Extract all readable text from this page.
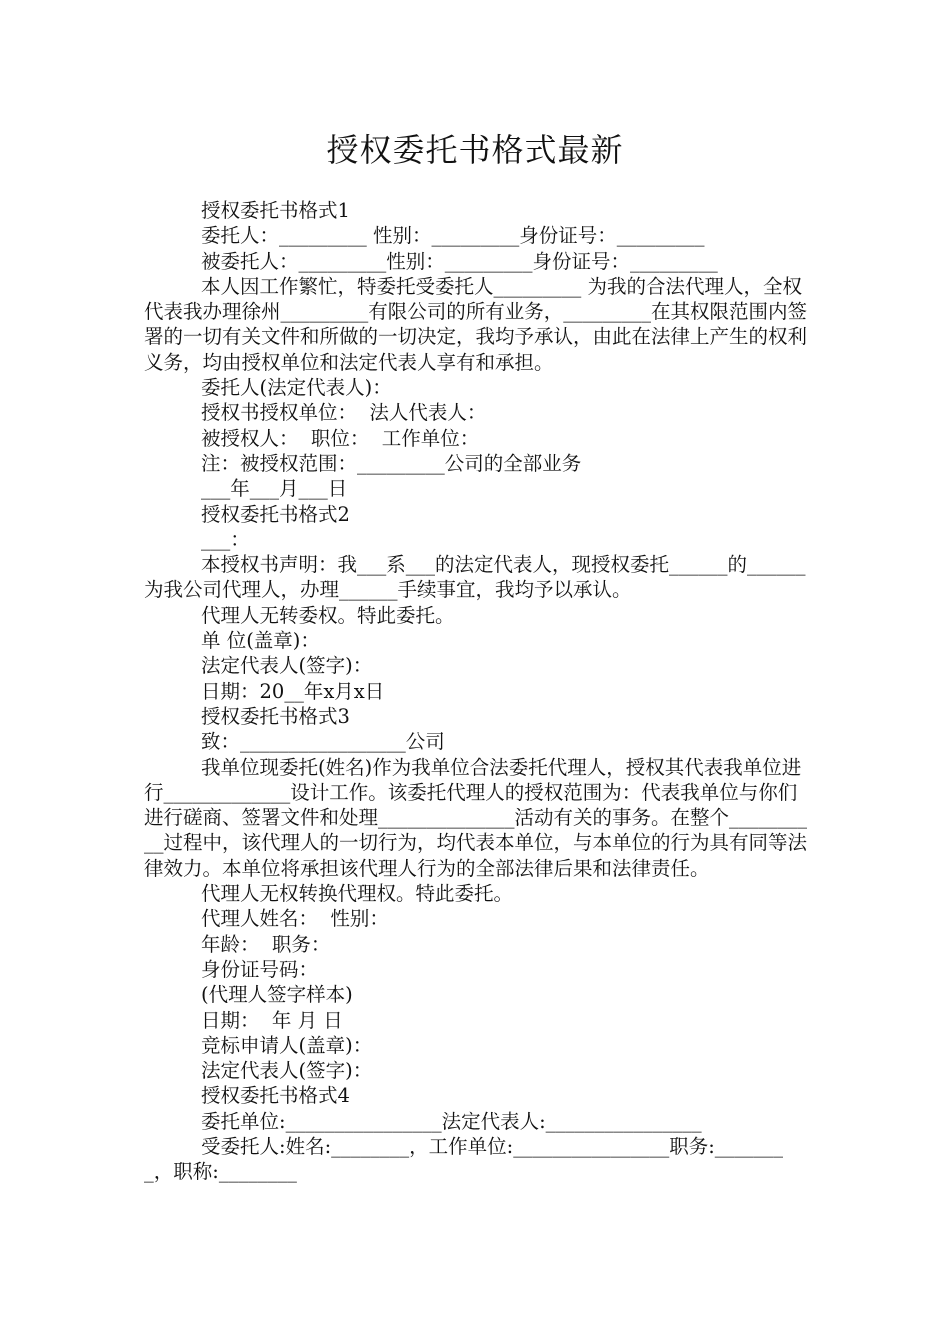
授权委托书格式最新

授权委托书格式1

委托人：_________ 性别：_________身份证号：_________

被委托人：_________性别：_________身份证号：_________

本人因工作繁忙，特委托受委托人_________ 为我的合法代理人，全权代表我办理徐州_________有限公司的所有业务，_________在其权限范围内签署的一切有关文件和所做的一切决定，我均予承认，由此在法律上产生的权利义务，均由授权单位和法定代表人享有和承担。

委托人(法定代表人)：

授权书授权单位：  法人代表人：

被授权人：  职位：  工作单位：

注：被授权范围：_________公司的全部业务

___年___月___日

授权委托书格式2

___：

本授权书声明：我___系___的法定代表人，现授权委托______的______为我公司代理人，办理______手续事宜，我均予以承认。

代理人无转委权。特此委托。

单 位(盖章)：

法定代表人(签字)：

日期：20__年x月x日

授权委托书格式3

致：_________________公司

我单位现委托(姓名)作为我单位合法委托代理人，授权其代表我单位进行_____________设计工作。该委托代理人的授权范围为：代表我单位与你们进行磋商、签署文件和处理______________活动有关的事务。在整个__________过程中，该代理人的一切行为，均代表本单位，与本单位的行为具有同等法律效力。本单位将承担该代理人行为的全部法律后果和法律责任。

代理人无权转换代理权。特此委托。

代理人姓名：  性别：

年龄：  职务：

身份证号码：

(代理人签字样本)

日期：  年 月 日

竞标申请人(盖章)：

法定代表人(签字)：

授权委托书格式4

委托单位:________________法定代表人:________________

受委托人:姓名:________，工作单位:________________职务:________，职称:________
